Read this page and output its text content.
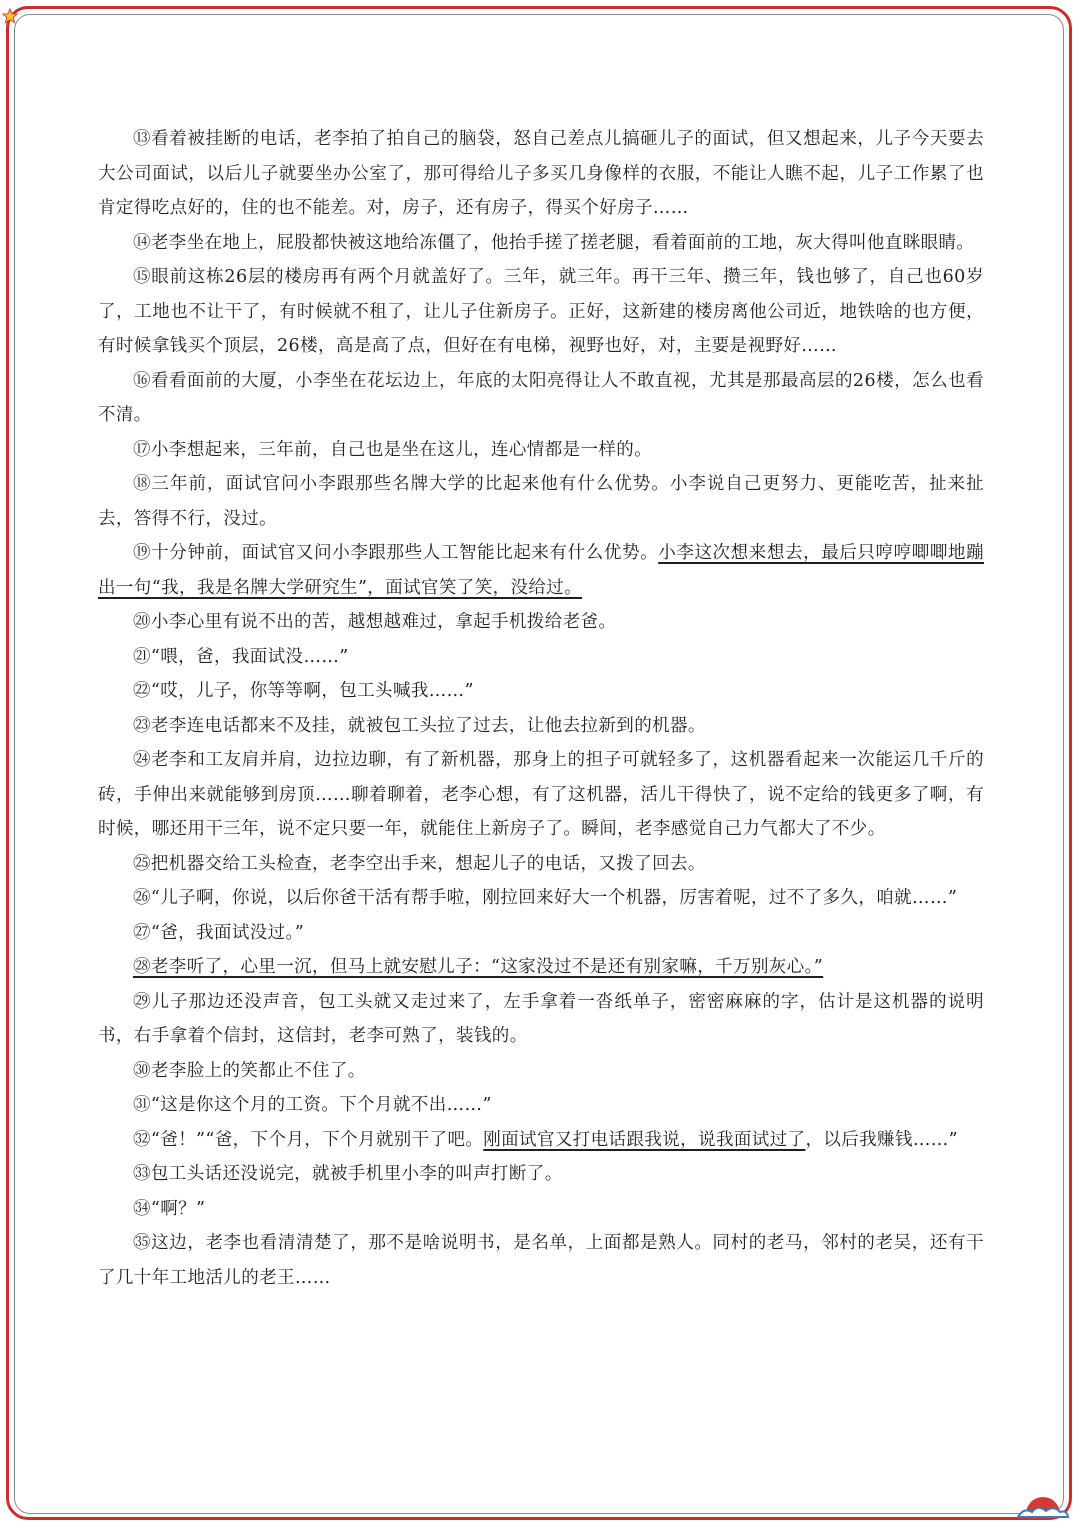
⑬看着被挂断的电话，老李拍了拍自己的脑袋，怒自己差点儿搞砸儿子的面试，但又想起来，儿子今天要去大公司面试，以后儿子就要坐办公室了，那可得给儿子多买几身像样的衣服，不能让人瞧不起，儿子工作累了也肯定得吃点好的，住的也不能差。对，房子，还有房子，得买个好房子……

⑭老李坐在地上，屁股都快被这地给冻僵了，他抬手搓了搓老腿，看着面前的工地，灰大得叫他直眯眼睛。

⑮眼前这栋26层的楼房再有两个月就盖好了。三年，就三年。再干三年、攒三年，钱也够了，自己也60岁了，工地也不让干了，有时候就不租了，让儿子住新房子。正好，这新建的楼房离他公司近，地铁啥的也方便，有时候拿钱买个顶层，26楼，高是高了点，但好在有电梯，视野也好，对，主要是视野好……

⑯看看面前的大厦，小李坐在花坛边上，年底的太阳亮得让人不敢直视，尤其是那最高层的26楼，怎么也看不清。

⑰小李想起来，三年前，自己也是坐在这儿，连心情都是一样的。

⑱三年前，面试官问小李跟那些名牌大学的比起来他有什么优势。小李说自己更努力、更能吃苦，扯来扯去，答得不行，没过。

⑲十分钟前，面试官又问小李跟那些人工智能比起来有什么优势。小李这次想来想去，最后只哼哼唧唧地蹦出一句“我，我是名牌大学研究生”，面试官笑了笑，没给过。

⑳小李心里有说不出的苦，越想越难过，拿起手机拨给老爸。

㉑“喂，爸，我面试没……”

㉒“哎，儿子，你等等啊，包工头喊我……”

㉓老李连电话都来不及挂，就被包工头拉了过去，让他去拉新到的机器。

㉔老李和工友肩并肩，边拉边聊，有了新机器，那身上的担子可就轻多了，这机器看起来一次能运几千斤的砖，手伸出来就能够到房顶……聊着聊着，老李心想，有了这机器，活儿干得快了，说不定给的钱更多了啊，有时候，哪还用干三年，说不定只要一年，就能住上新房子了。瞬间，老李感觉自己力气都大了不少。

㉕把机器交给工头检查，老李空出手来，想起儿子的电话，又拨了回去。

㉖“儿子啊，你说，以后你爸干活有帮手啦，刚拉回来好大一个机器，厉害着呢，过不了多久，咱就……”

㉗“爸，我面试没过。”

㉘老李听了，心里一沉，但马上就安慰儿子：“这家没过不是还有别家嘛，千万别灰心。”

㉙儿子那边还没声音，包工头就又走过来了，左手拿着一沓纸单子，密密麻麻的字，估计是这机器的说明书，右手拿着个信封，这信封，老李可熟了，装钱的。

㉚老李脸上的笑都止不住了。

㉛“这是你这个月的工资。下个月就不出……”

㉜“爸！”“爸，下个月，下个月就别干了吧。刚面试官又打电话跟我说，说我面试过了，以后我赚钱……”

㉝包工头话还没说完，就被手机里小李的叫声打断了。

㉞“啊？”

㉟这边，老李也看清清楚了，那不是啥说明书，是名单，上面都是熟人。同村的老马，邻村的老吴，还有干了几十年工地活儿的老王……
